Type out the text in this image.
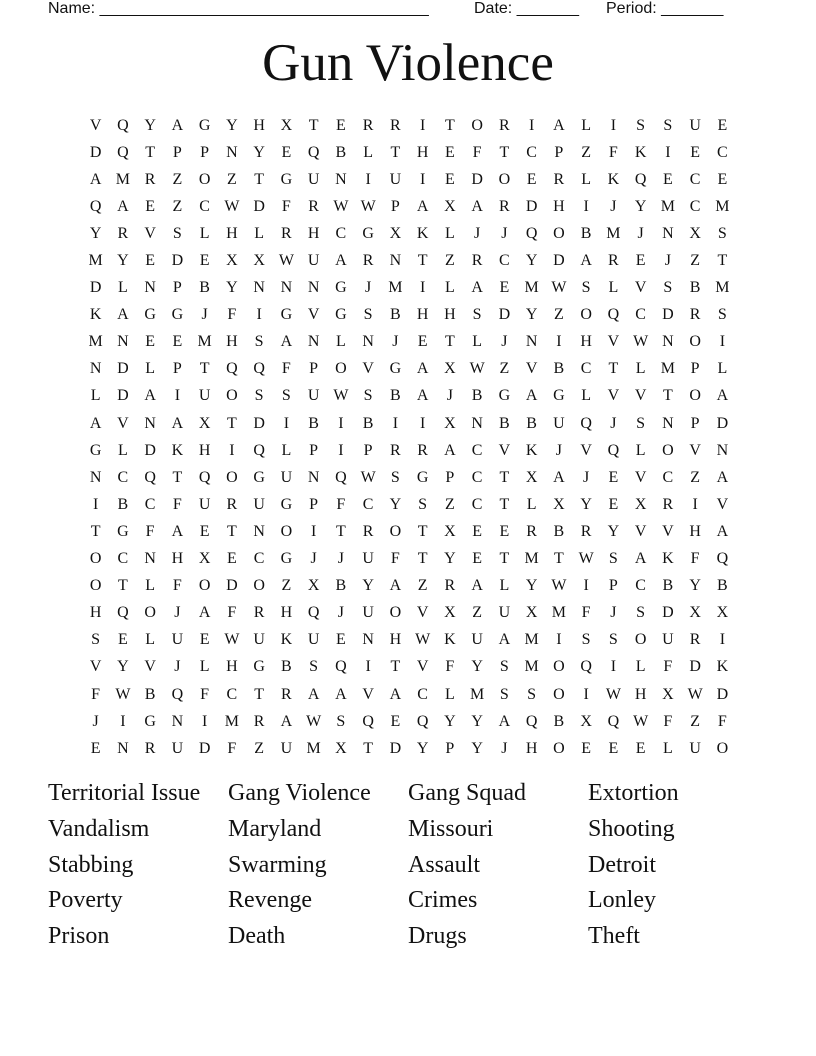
Name: _____________________________________	Date: _______ Period: _______
Gun Violence
V Q Y A G Y H X	T	E	R	R	I	T	O	R	I	A	L	I	S	S	U	E
D Q	T	P	P	N Y	E	Q	B	L	T	H	E	F	T	C	P	Z	F	K	I	E	C
A M R	Z	O	Z	T	G U N	I	U	I	E	D O	E	R	L	K Q	E	C	E
Q A	E	Z	C W D	F	R W W P	A X A	R	D H	I	J	Y M C M
Y	R	V	S	L	H	L	R	H	C	G X K	L	J	J	Q O	B M	J	N X	S
M Y	E	D	E	X X W U A	R	N	T	Z	R	C	Y D A	R	E	J	Z	T
D	L	N	P	B	Y N N N G	J	M	I	L	A	E M W S	L	V	S	B M
K A G G	J	F	I	G V G	S	B	H H	S	D Y	Z	O Q	C	D	R	S
M N	E	E M H	S	A N	L	N	J	E	T	L	J	N	I	H V W N O	I
N D	L	P	T	Q Q	F	P	O V G A X W Z	V	B	C	T	L M P	L
L	D A	I	U O	S	S	U W S	B	A	J	B	G A G	L	V V	T	O A
A V N A X	T	D	I	B	I	B	I	I	X N	B	B	U Q	J	S	N	P	D
G	L	D K H	I	Q	L	P	I	P	R	R	A	C	V K	J	V Q	L	O V N
N	C	Q	T	Q O G U N Q W S	G	P	C	T	X A	J	E	V	C	Z	A
I	B	C	F	U	R	U G	P	F	C	Y	S	Z	C	T	L	X Y	E	X	R	I	V
T	G	F	A	E	T	N O	I	T	R	O	T	X	E	E	R	B	R	Y V V H A
O	C	N H X	E	C	G	J	J	U	F	T	Y	E	T M T W S	A K	F	Q
O	T	L	F	O D O	Z	X	B	Y A	Z	R	A	L	Y W	I	P	C	B	Y	B
H Q O	J	A	F	R	H Q	J	U O V X	Z	U X M F	J	S	D X X
S	E	L	U	E W U K U	E	N H W K U A M	I	S	S	O U	R	I
V Y V	J	L	H G	B	S	Q	I	T	V	F	Y	S M O Q	I	L	F	D K
F W B	Q	F	C	T	R	A A V A	C	L M S	S	O	I	W H X W D
J	I	G N	I	M R	A W S	Q	E	Q Y Y A Q	B	X Q W F	Z	F
E	N	R	U D	F	Z	U M X	T	D Y	P	Y	J	H O	E	E	E	L	U O
Territorial Issue	Gang Violence	Gang Squad	Extortion
Vandalism	Maryland	Missouri	Shooting
Stabbing	Swarming	Assault	Detroit
Poverty	Revenge	Crimes	Lonley
Prison	Death	Drugs	Theft
